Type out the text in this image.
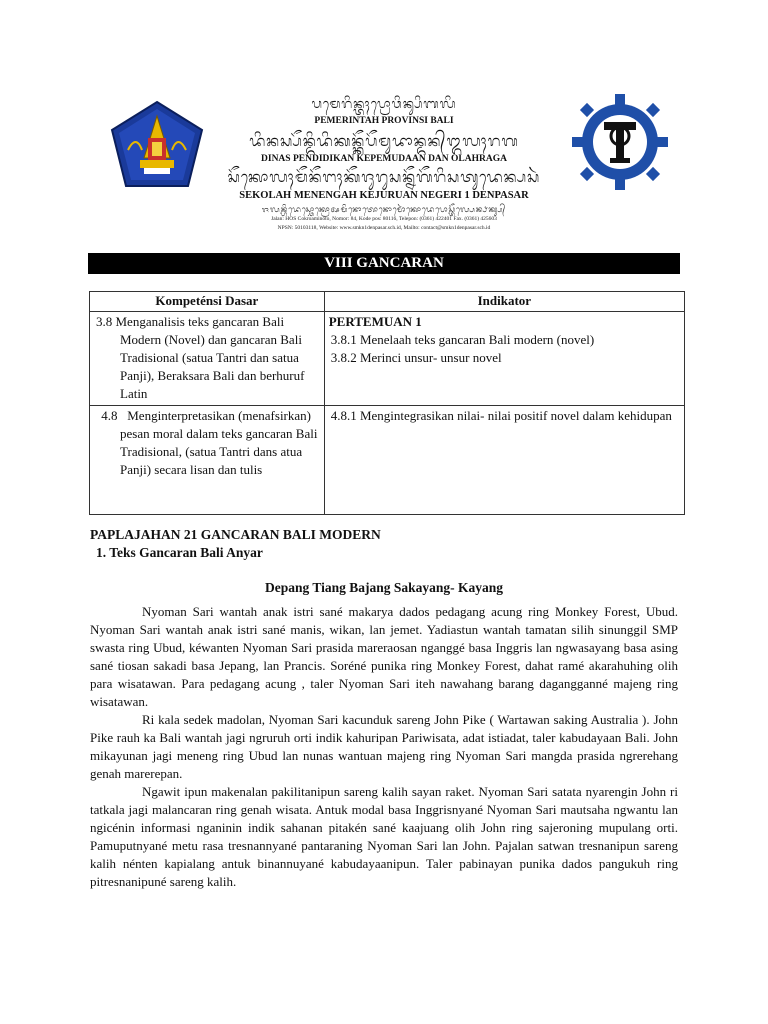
ᬧᬫᬾᬭᬶᬦ᭄ᬢᬄᬧ᭄ᬭᭀᬯᬶᬦ᭄ᬲᬶᬩᬮᬶ
PEMERINTAH PROVINSI BALI
ᬤᬶᬦᬲ᭄ᬧᭂᬦ᭄ᬤᬶᬤᬶᬓᬦ᭄ᬓᭂᬧᭂᬫᬸᬤᬵᬦ᭄ᬤᬦ᭄ᬑᬮᬄᬭᬕ
DINAS PENDIDIKAN KEPEMUDAAN DAN OLAHRAGA
ᬲᭂᬓᭀᬮᬄᬫᭂᬦᭂᬗᬄᬓᭂᬚᬸᬭᬸᬲᬦ᭄ᬦᭂᬕᭂᬭᬶᬲᬢᬸᬤᬾᬦ᭄ᬧᬲᬃ
SEKOLAH MENENGAH KEJURUAN NEGERI 1 DENPASAR
ᬚᬮᬦ᭄ᬳᬶᬤᬾᬲ᭄ᬘᭀᬓ᭄ᬭᭀᬅᬫᬶᬦᭀᬢᭀᬦᭀᬫᭀᬃᬓᭀᬤᬾᬧᭀᬲ᭄ᬢᭂᬮ᭄ᬧᬾᬦ᭄ᬨᬓ᭄ᬲ᭄
Jalan: HOS Cokroaminoto, Nomor: 84, Kode pos: 80116, Telepon: (0361) 422401 Fax. (0361) 425603
NPSN: 50103118, Website: www.smkn1denpasar.sch.id, Mailto: contact@smkn1denpasar.sch.id
VIII GANCARAN
Kompeténsi Dasar	Indikator

3.8 Menganalisis teks gancaran Bali Modern (Novel) dan gancaran Bali Tradisional (satua Tantri dan satua Panji), Beraksara Bali dan berhuruf Latin	PERTEMUAN 1
3.8.1 Menelaah teks gancaran Bali modern (novel)
3.8.2 Merinci unsur- unsur novel

4.8 Menginterpretasikan (menafsirkan) pesan moral dalam teks gancaran Bali Tradisional, (satua Tantri dans atua Panji) secara lisan dan tulis	4.8.1 Mengintegrasikan nilai- nilai positif novel dalam kehidupan
PAPLAJAHAN 21 GANCARAN BALI MODERN
1. Teks Gancaran Bali Anyar
Depang Tiang Bajang Sakayang- Kayang

Nyoman Sari wantah anak istri sané makarya dados pedagang acung ring Monkey Forest, Ubud. Nyoman Sari wantah anak istri sané manis, wikan, lan jemet. Yadiastun wantah tamatan silih sinunggil SMP swasta ring Ubud, kéwanten Nyoman Sari prasida mareraosan nganggé basa Inggris lan ngwasayang basa asing sané tiosan sakadi basa Jepang, lan Prancis. Soréné punika ring Monkey Forest, dahat ramé akarahuhing olih para wisatawan. Para pedagang acung , taler Nyoman Sari iteh nawahang barang dagangganné majeng ring wisatawan.

Ri kala sedek madolan, Nyoman Sari kacunduk sareng John Pike ( Wartawan saking Australia ). John Pike rauh ka Bali wantah jagi ngruruh orti indik kahuripan Pariwisata, adat istiadat, taler kabudayaan Bali. John mikayunan jagi meneng ring Ubud lan nunas wantuan majeng ring Nyoman Sari mangda prasida ngrerehang genah marerepan.

Ngawit ipun makenalan pakilitanipun sareng kalih sayan raket. Nyoman Sari satata nyarengin John ri tatkala jagi malancaran ring genah wisata. Antuk modal basa Inggrisnyané Nyoman Sari mautsaha ngwantu lan ngicénin informasi nganinin indik sahanan pitakén sané kaajuang olih John ring sajeroning mupulang orti. Pamuputnyané metu rasa tresnannyané pantaraning Nyoman Sari lan John. Pajalan satwan tresnanipun sareng kalih nénten kapialang antuk binannuyané kabudayaanipun. Taler pabinayan punika dados pangukuh ring pitresnanipuné sareng kalih.
